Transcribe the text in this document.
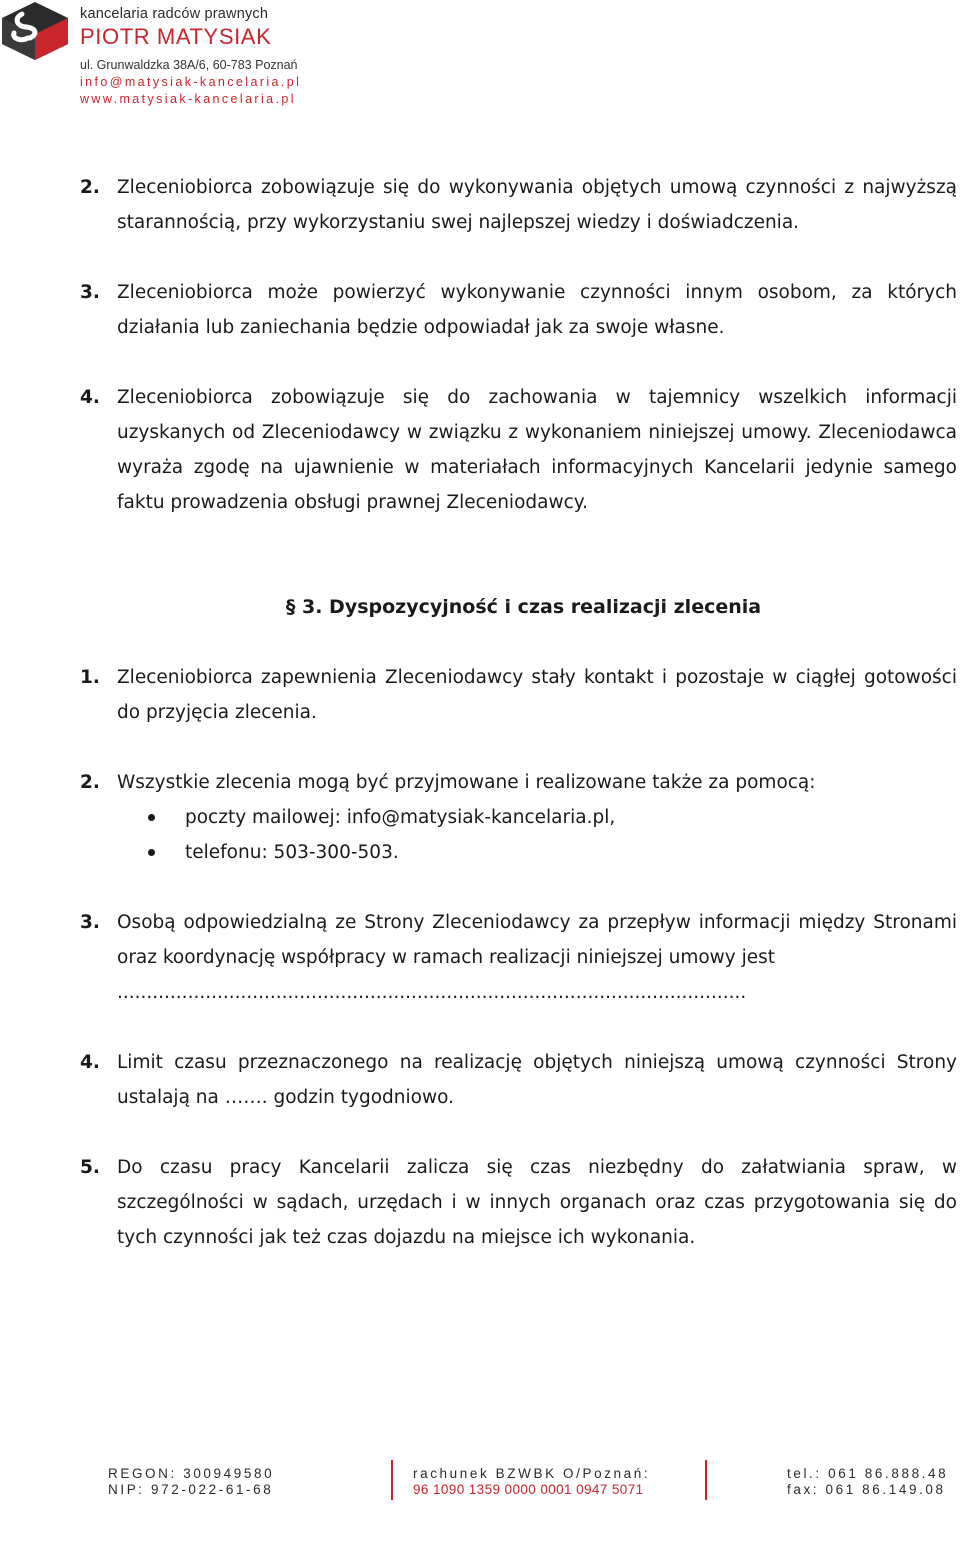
kancelaria radców prawnych
PIOTR MATYSIAK
ul. Grunwaldzka 38A/6, 60-783 Poznań
info@matysiak-kancelaria.pl
www.matysiak-kancelaria.pl
2. Zleceniobiorca zobowiązuje się do wykonywania objętych umową czynności z najwyższą starannością, przy wykorzystaniu swej najlepszej wiedzy i doświadczenia.
3. Zleceniobiorca może powierzyć wykonywanie czynności innym osobom, za których działania lub zaniechania będzie odpowiadał jak za swoje własne.
4. Zleceniobiorca zobowiązuje się do zachowania w tajemnicy wszelkich informacji uzyskanych od Zleceniodawcy w związku z wykonaniem niniejszej umowy. Zleceniodawca wyraża zgodę na ujawnienie w materiałach informacyjnych Kancelarii jedynie samego faktu prowadzenia obsługi prawnej Zleceniodawcy.
§ 3. Dyspozycyjność i czas realizacji zlecenia
1. Zleceniobiorca zapewnienia Zleceniodawcy stały kontakt i pozostaje w ciągłej gotowości do przyjęcia zlecenia.
2. Wszystkie zlecenia mogą być przyjmowane i realizowane także za pomocą:
poczty mailowej: info@matysiak-kancelaria.pl,
telefonu: 503-300-503.
3. Osobą odpowiedzialną ze Strony Zleceniodawcy za przepływ informacji między Stronami oraz koordynację współpracy w ramach realizacji niniejszej umowy jest
...........................................................................................................
4. Limit czasu przeznaczonego na realizację objętych niniejszą umową czynności Strony ustalają na ……. godzin tygodniowo.
5. Do czasu pracy Kancelarii zalicza się czas niezbędny do załatwiania spraw, w szczególności w sądach, urzędach i w innych organach oraz czas przygotowania się do tych czynności jak też czas dojazdu na miejsce ich wykonania.
REGON: 300949580
NIP: 972-022-61-68
rachunek BZWBK O/Poznań:
96 1090 1359 0000 0001 0947 5071
tel.: 061 86.888.48
fax: 061 86.149.08
